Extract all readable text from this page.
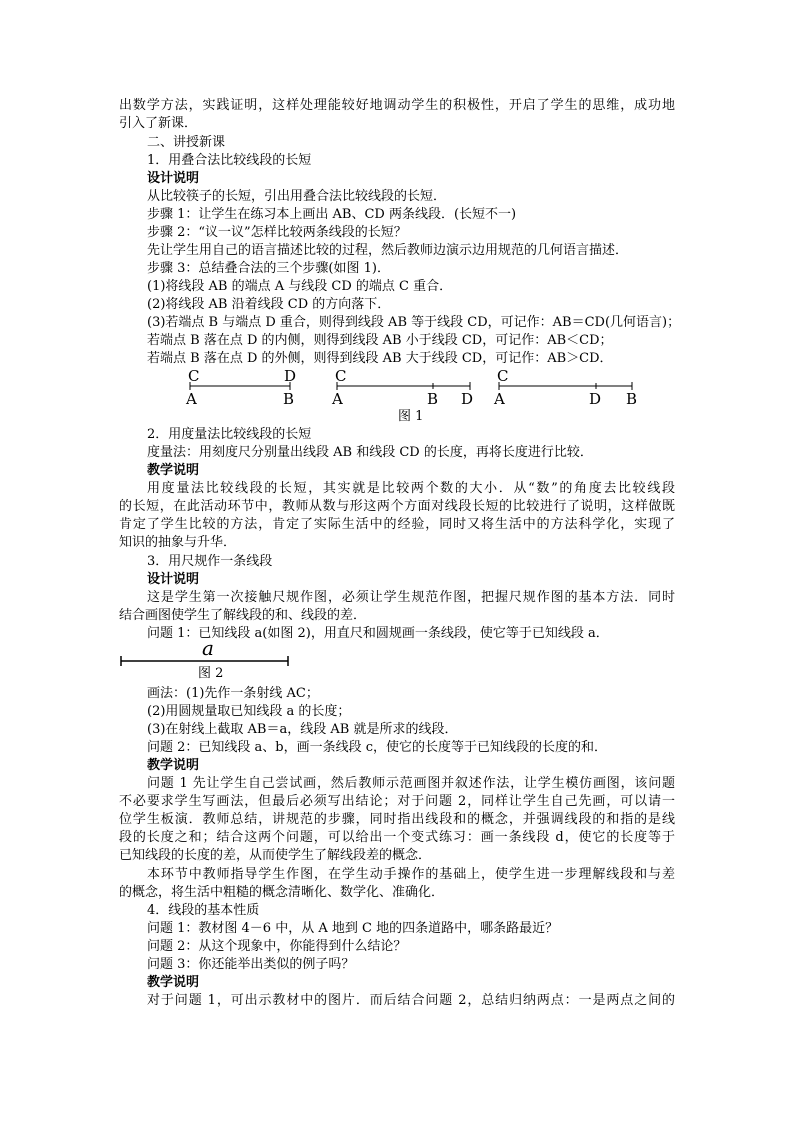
出数学方法，实践证明，这样处理能较好地调动学生的积极性，开启了学生的思维，成功地
引入了新课．
二、讲授新课
1．用叠合法比较线段的长短
设计说明
从比较筷子的长短，引出用叠合法比较线段的长短．
步骤 1：让学生在练习本上画出 AB、CD 两条线段．(长短不一)
步骤 2：“议一议”怎样比较两条线段的长短？
先让学生用自己的语言描述比较的过程，然后教师边演示边用规范的几何语言描述．
步骤 3：总结叠合法的三个步骤(如图 1)．
(1)将线段 AB 的端点 A 与线段 CD 的端点 C 重合．
(2)将线段 AB 沿着线段 CD 的方向落下．
(3)若端点 B 与端点 D 重合，则得到线段 AB 等于线段 CD，可记作：AB＝CD(几何语言)；
若端点 B 落在点 D 的内侧，则得到线段 AB 小于线段 CD，可记作：AB＜CD；
若端点 B 落在点 D 的外侧，则得到线段 AB 大于线段 CD，可记作：AB＞CD．
2．用度量法比较线段的长短
度量法：用刻度尺分别量出线段 AB 和线段 CD 的长度，再将长度进行比较．
教学说明
用度量法比较线段的长短，其实就是比较两个数的大小．从“数”的角度去比较线段
的长短，在此活动环节中，教师从数与形这两个方面对线段长短的比较进行了说明，这样做既
肯定了学生比较的方法，肯定了实际生活中的经验，同时又将生活中的方法科学化，实现了
知识的抽象与升华．
3．用尺规作一条线段
设计说明
这是学生第一次接触尺规作图，必须让学生规范作图，把握尺规作图的基本方法．同时
结合画图使学生了解线段的和、线段的差．
问题 1：已知线段 a(如图 2)，用直尺和圆规画一条线段，使它等于已知线段 a．
画法：(1)先作一条射线 AC；
(2)用圆规量取已知线段 a 的长度；
(3)在射线上截取 AB＝a，线段 AB 就是所求的线段．
问题 2：已知线段 a、b，画一条线段 c，使它的长度等于已知线段的长度的和．
教学说明
问题 1 先让学生自己尝试画，然后教师示范画图并叙述作法，让学生模仿画图，该问题
不必要求学生写画法，但最后必须写出结论；对于问题 2，同样让学生自己先画，可以请一
位学生板演．教师总结，讲规范的步骤，同时指出线段和的概念，并强调线段的和指的是线
段的长度之和；结合这两个问题，可以给出一个变式练习：画一条线段 d，使它的长度等于
已知线段的长度的差，从而使学生了解线段差的概念．
本环节中教师指导学生作图，在学生动手操作的基础上，使学生进一步理解线段和与差
的概念，将生活中粗糙的概念清晰化、数学化、准确化．
4．线段的基本性质
问题 1：教材图 4－6 中，从 A 地到 C 地的四条道路中，哪条路最近？
问题 2：从这个现象中，你能得到什么结论？
问题 3：你还能举出类似的例子吗？
教学说明
对于问题 1，可出示教材中的图片．而后结合问题 2，总结归纳两点：一是两点之间的
C	D
A	B
C
A	B D
C
A	D B
图 1
a
图 2
